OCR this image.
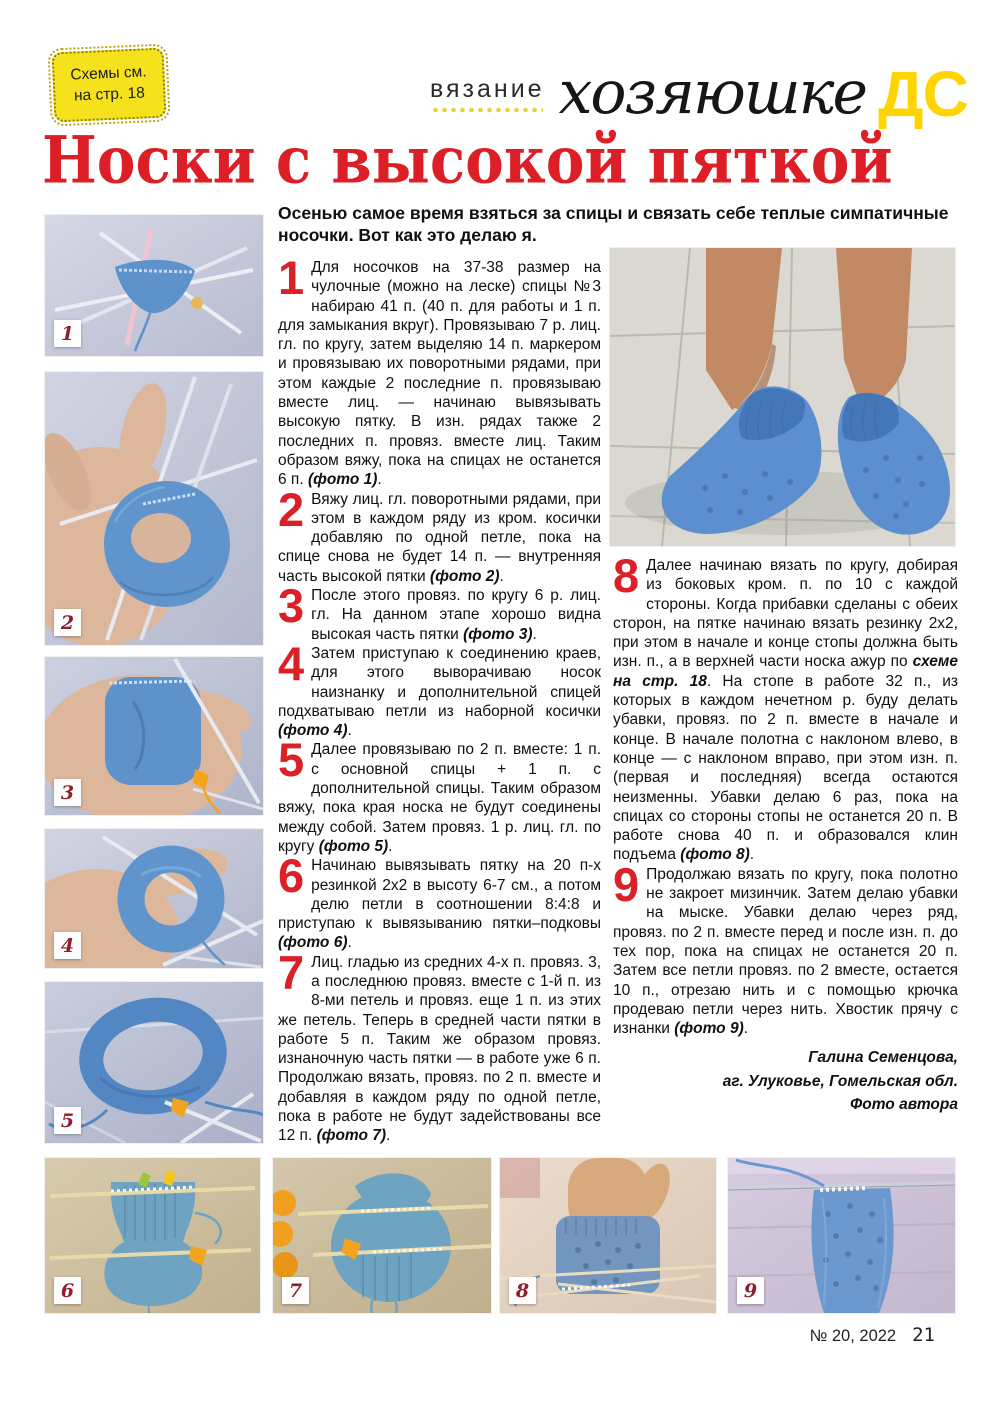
Схемы см.
на стр. 18	вязание хозяюшке ДС
Носки с высокой пяткой

Осенью самое время взяться за спицы и связать себе теплые симпатичные носочки. Вот как это делаю я.

1
2
3
4
5

1 Для носочков на 37-38 размер на чулочные (можно на леске) спицы №3 набираю 41 п. (40 п. для работы и 1 п. для замыкания вкруг). Провязываю 7 р. лиц. гл. по кругу, затем выделяю 14 п. маркером и провязываю их поворотными рядами, при этом каждые 2 последние п. провязываю вместе лиц. — начинаю вывязывать высокую пятку. В изн. рядах также 2 последних п. провяз. вместе лиц. Таким образом вяжу, пока на спицах не останется 6 п. (фото 1).

2 Вяжу лиц. гл. поворотными рядами, при этом в каждом ряду из кром. косички добавляю по одной петле, пока на спице снова не будет 14 п. — внутренняя часть высокой пятки (фото 2).

3 После этого провяз. по кругу 6 р. лиц. гл. На данном этапе хорошо видна высокая часть пятки (фото 3).

4 Затем приступаю к соединению краев, для этого выворачиваю носок наизнанку и дополнительной спицей подхватываю петли из наборной косички (фото 4).

5 Далее провязываю по 2 п. вместе: 1 п. с основной спицы + 1 п. с дополнительной спицы. Таким образом вяжу, пока края носка не будут соединены между собой. Затем провяз. 1 р. лиц. гл. по кругу (фото 5).

6 Начинаю вывязывать пятку на 20 п-х резинкой 2х2 в высоту 6-7 см., а потом делю петли в соотношении 8:4:8 и приступаю к вывязыванию пятки–подковы (фото 6).

7 Лиц. гладью из средних 4-х п. провяз. 3, а последнюю провяз. вместе с 1-й п. из 8-ми петель и провяз. еще 1 п. из этих же петель. Теперь в средней части пятки в работе 5 п. Таким же образом провяз. изнаночную часть пятки — в работе уже 6 п. Продолжаю вязать, провяз. по 2 п. вместе и добавляя в каждом ряду по одной петле, пока в работе не будут задействованы все 12 п. (фото 7).

8 Далее начинаю вязать по кругу, добирая из боковых кром. п. по 10 с каждой стороны. Когда прибавки сделаны с обеих сторон, на пятке начинаю вязать резинку 2х2, при этом в начале и конце стопы должна быть изн. п., а в верхней части носка ажур по схеме на стр. 18. На стопе в работе 32 п., из которых в каждом нечетном р. буду делать убавки, провяз. по 2 п. вместе в начале и конце. В начале полотна с наклоном влево, в конце — с наклоном вправо, при этом изн. п. (первая и последняя) всегда остаются неизменны. Убавки делаю 6 раз, пока на спицах со стороны стопы не останется 20 п. В работе снова 40 п. и образовался клин подъема (фото 8).

9 Продолжаю вязать по кругу, пока полотно не закроет мизинчик. Затем делаю убавки на мыске. Убавки делаю через ряд, провяз. по 2 п. вместе перед и после изн. п. до тех пор, пока на спицах не останется 20 п. Затем все петли провяз. по 2 вместе, остается 10 п., отрезаю нить и с помощью крючка продеваю петли через нить. Хвостик прячу с изнанки (фото 9).

Галина Семенцова,
аг. Улуковье, Гомельская обл.
Фото автора
6	7	8	9
№ 20, 2022 21
